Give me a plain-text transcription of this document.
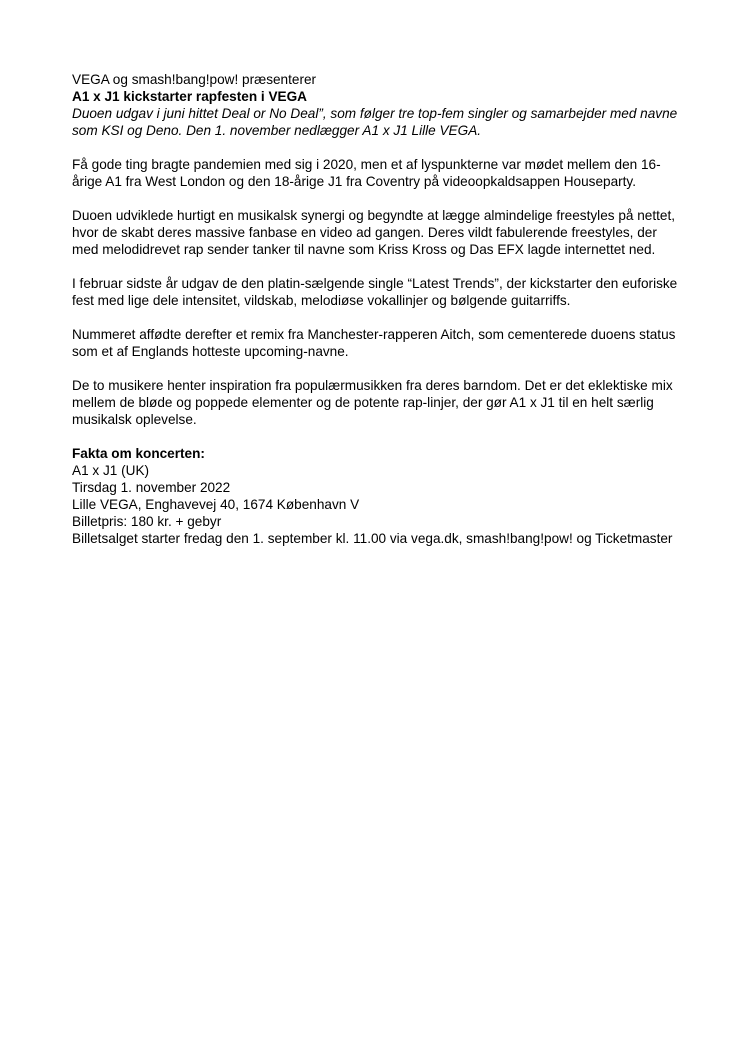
VEGA og smash!bang!pow! præsenterer

A1 x J1 kickstarter rapfesten i VEGA

Duoen udgav i juni hittet Deal or No Deal”, som følger tre top-fem singler og samarbejder med navne som KSI og Deno. Den 1. november nedlægger A1 x J1 Lille VEGA.

Få gode ting bragte pandemien med sig i 2020, men et af lyspunkterne var mødet mellem den 16-årige A1 fra West London og den 18-årige J1 fra Coventry på videoopkaldsappen Houseparty.

Duoen udviklede hurtigt en musikalsk synergi og begyndte at lægge almindelige freestyles på nettet, hvor de skabt deres massive fanbase en video ad gangen. Deres vildt fabulerende freestyles, der med melodidrevet rap sender tanker til navne som Kriss Kross og Das EFX lagde internettet ned.

I februar sidste år udgav de den platin-sælgende single “Latest Trends”, der kickstarter den euforiske fest med lige dele intensitet, vildskab, melodiøse vokallinjer og bølgende guitarriffs.

Nummeret affødte derefter et remix fra Manchester-rapperen Aitch, som cementerede duoens status som et af Englands hotteste upcoming-navne.

De to musikere henter inspiration fra populærmusikken fra deres barndom. Det er det eklektiske mix mellem de bløde og poppede elementer og de potente rap-linjer, der gør A1 x J1 til en helt særlig musikalsk oplevelse.

Fakta om koncerten:

A1 x J1 (UK)

Tirsdag 1. november 2022

Lille VEGA, Enghavevej 40, 1674 København V

Billetpris: 180 kr. + gebyr

Billetsalget starter fredag den 1. september kl. 11.00 via vega.dk, smash!bang!pow! og Ticketmaster
